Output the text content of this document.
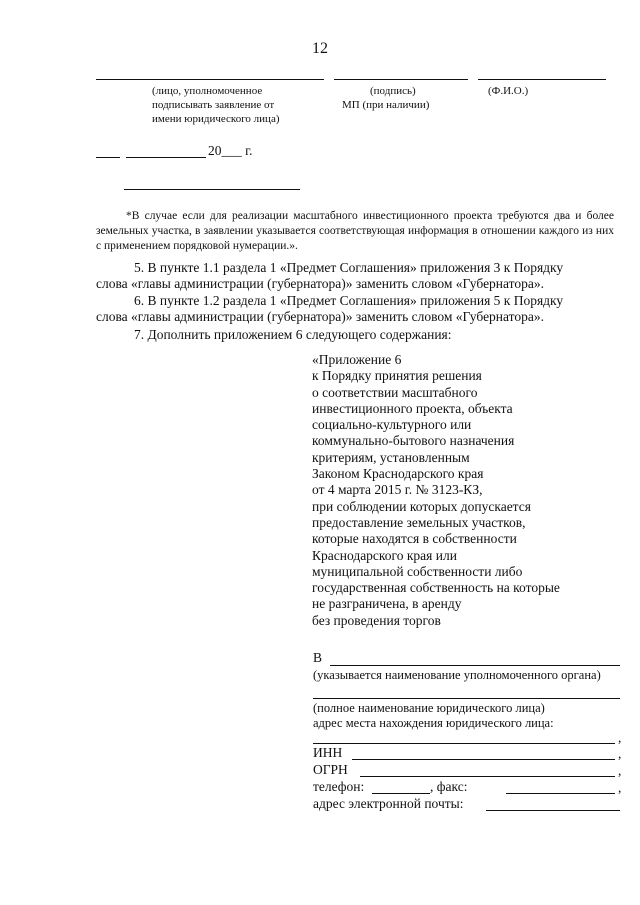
12
(лицо, уполномоченное
подписывать заявление от
имени юридического лица)
(подпись)
МП (при наличии)
(Ф.И.О.)
20___ г.
*В случае если для реализации масштабного инвестиционного проекта требуются два и более земельных участка, в заявлении указывается соответствующая информация в отношении каждого из них с применением порядковой нумерации.».
5. В пункте 1.1 раздела 1 «Предмет Соглашения» приложения 3 к Порядку
слова «главы администрации (губернатора)» заменить словом «Губернатора».
6. В пункте 1.2 раздела 1 «Предмет Соглашения» приложения 5 к Порядку
слова «главы администрации (губернатора)» заменить словом «Губернатора».
7. Дополнить приложением 6 следующего содержания:
«Приложение 6
к Порядку принятия решения
о соответствии масштабного
инвестиционного проекта, объекта
социально-культурного или
коммунально-бытового назначения
критериям, установленным
Законом Краснодарского края
от 4 марта 2015 г. № 3123-КЗ,
при соблюдении которых допускается
предоставление земельных участков,
которые находятся в собственности
Краснодарского края или
муниципальной собственности либо
государственная собственность на которые
не разграничена, в аренду
без проведения торгов
В
(указывается наименование уполномоченного органа)
(полное наименование юридического лица)
адрес места нахождения юридического лица:
,
ИНН	,
ОГРН	,
телефон:	, факс:	,
адрес электронной почты:
